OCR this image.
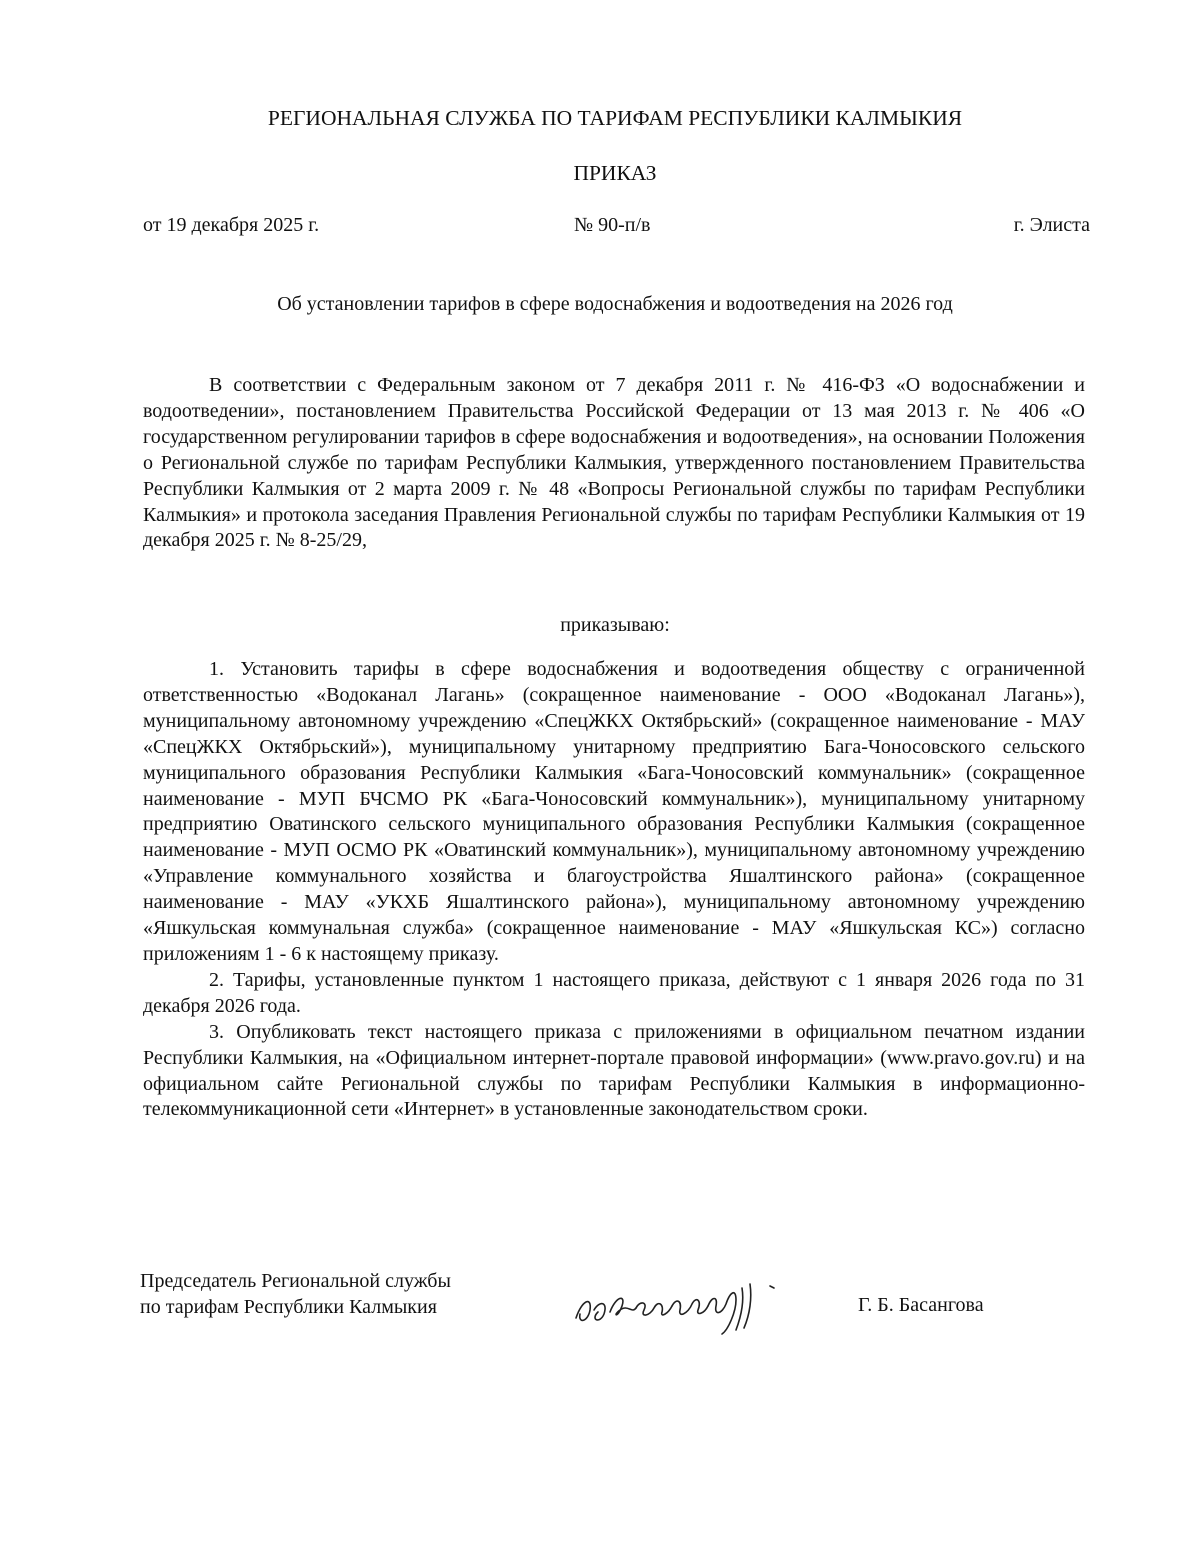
РЕГИОНАЛЬНАЯ СЛУЖБА ПО ТАРИФАМ РЕСПУБЛИКИ КАЛМЫКИЯ
ПРИКАЗ
от 19 декабря 2025 г.	№ 90-п/в	г. Элиста
Об установлении тарифов в сфере водоснабжения и водоотведения на 2026 год

В соответствии с Федеральным законом от 7 декабря 2011 г. № 416-ФЗ «О водоснабжении и водоотведении», постановлением Правительства Российской Федерации от 13 мая 2013 г. № 406 «О государственном регулировании тарифов в сфере водоснабжения и водоотведения», на основании Положения о Региональной службе по тарифам Республики Калмыкия, утвержденного постановлением Правительства Республики Калмыкия от 2 марта 2009 г. № 48 «Вопросы Региональной службы по тарифам Республики Калмыкия» и протокола заседания Правления Региональной службы по тарифам Республики Калмыкия от 19 декабря 2025 г. № 8-25/29,

приказываю:

1. Установить тарифы в сфере водоснабжения и водоотведения обществу с ограниченной ответственностью «Водоканал Лагань» (сокращенное наименование - ООО «Водоканал Лагань»), муниципальному автономному учреждению «СпецЖКХ Октябрьский» (сокращенное наименование - МАУ «СпецЖКХ Октябрьский»), муниципальному унитарному предприятию Бага-Чоносовского сельского муниципального образования Республики Калмыкия «Бага-Чоносовский коммунальник» (сокращенное наименование - МУП БЧСМО РК «Бага-Чоносовский коммунальник»), муниципальному унитарному предприятию Оватинского сельского муниципального образования Республики Калмыкия (сокращенное наименование - МУП ОСМО РК «Оватинский коммунальник»), муниципальному автономному учреждению «Управление коммунального хозяйства и благоустройства Яшалтинского района» (сокращенное наименование - МАУ «УКХБ Яшалтинского района»), муниципальному автономному учреждению «Яшкульская коммунальная служба» (сокращенное наименование - МАУ «Яшкульская КС») согласно приложениям 1 - 6 к настоящему приказу.

2. Тарифы, установленные пунктом 1 настоящего приказа, действуют с 1 января 2026 года по 31 декабря 2026 года.

3. Опубликовать текст настоящего приказа с приложениями в официальном печатном издании Республики Калмыкия, на «Официальном интернет-портале правовой информации» (www.pravo.gov.ru) и на официальном сайте Региональной службы по тарифам Республики Калмыкия в информационно-телекоммуникационной сети «Интернет» в установленные законодательством сроки.

Председатель Региональной службы
по тарифам Республики Калмыкия	Г. Б. Басангова
